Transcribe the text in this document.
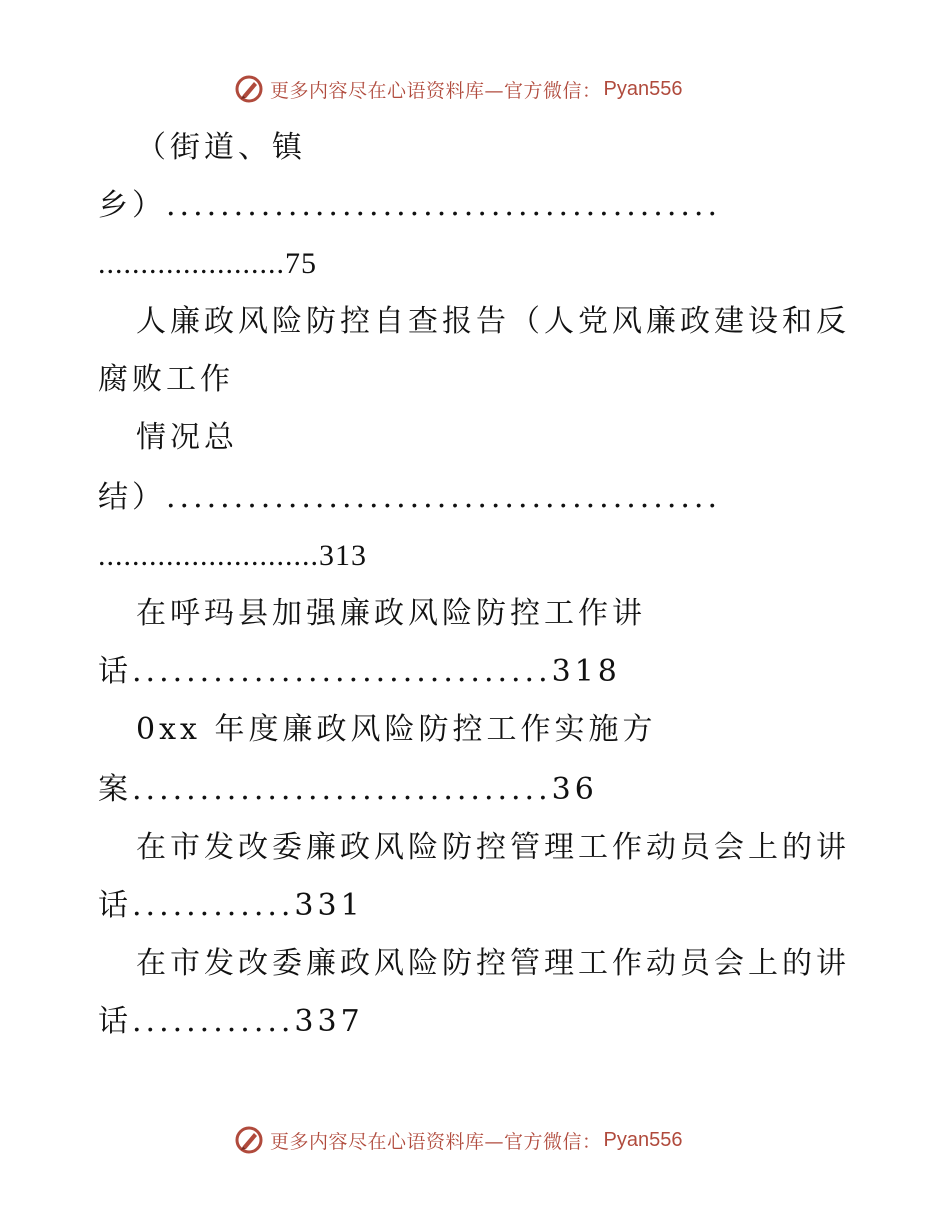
更多内容尽在心语资料库—官方微信： Pyan556

（街道、镇

乡）.........................................

......................75

人廉政风险防控自查报告（人党风廉政建设和反

腐败工作

情况总

结）.........................................

..........................313

在呼玛县加强廉政风险防控工作讲

话...............................318

0xx 年度廉政风险防控工作实施方

案...............................36

在市发改委廉政风险防控管理工作动员会上的讲

话............331

在市发改委廉政风险防控管理工作动员会上的讲

话............337

更多内容尽在心语资料库—官方微信： Pyan556
